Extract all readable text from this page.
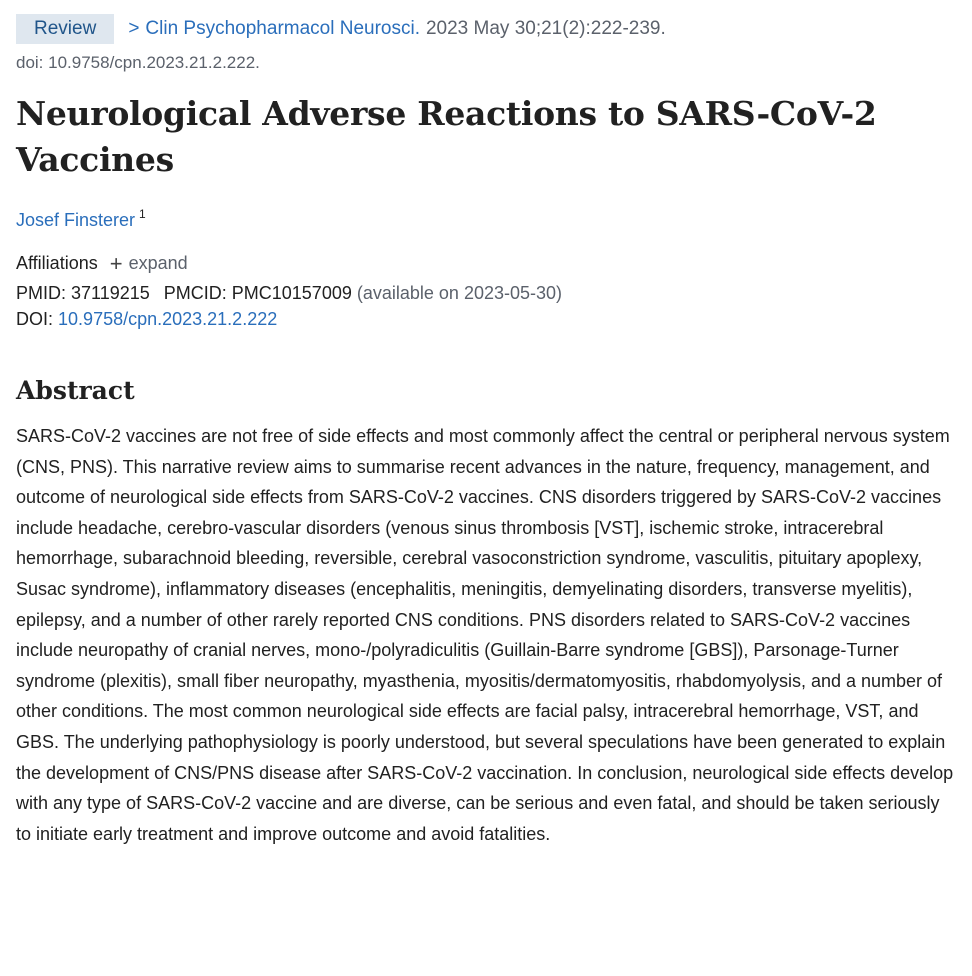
Review	> Clin Psychopharmacol Neurosci. 2023 May 30;21(2):222-239.
doi: 10.9758/cpn.2023.21.2.222.
Neurological Adverse Reactions to SARS-CoV-2 Vaccines
Josef Finsterer $^1$
Affiliations + expand
PMID: 37119215 PMCID: PMC10157009 (available on 2023-05-30)
DOI: 10.9758/cpn.2023.21.2.222
Abstract
SARS-CoV-2 vaccines are not free of side effects and most commonly affect the central or peripheral nervous system (CNS, PNS). This narrative review aims to summarise recent advances in the nature, frequency, management, and outcome of neurological side effects from SARS-CoV-2 vaccines. CNS disorders triggered by SARS-CoV-2 vaccines include headache, cerebro-vascular disorders (venous sinus thrombosis [VST], ischemic stroke, intracerebral hemorrhage, subarachnoid bleeding, reversible, cerebral vasoconstriction syndrome, vasculitis, pituitary apoplexy, Susac syndrome), inflammatory diseases (encephalitis, meningitis, demyelinating disorders, transverse myelitis), epilepsy, and a number of other rarely reported CNS conditions. PNS disorders related to SARS-CoV-2 vaccines include neuropathy of cranial nerves, mono-/polyradiculitis (Guillain-Barre syndrome [GBS]), Parsonage-Turner syndrome (plexitis), small fiber neuropathy, myasthenia, myositis/dermatomyositis, rhabdomyolysis, and a number of other conditions. The most common neurological side effects are facial palsy, intracerebral hemorrhage, VST, and GBS. The underlying pathophysiology is poorly understood, but several speculations have been generated to explain the development of CNS/PNS disease after SARS-CoV-2 vaccination. In conclusion, neurological side effects develop with any type of SARS-CoV-2 vaccine and are diverse, can be serious and even fatal, and should be taken seriously to initiate early treatment and improve outcome and avoid fatalities.
